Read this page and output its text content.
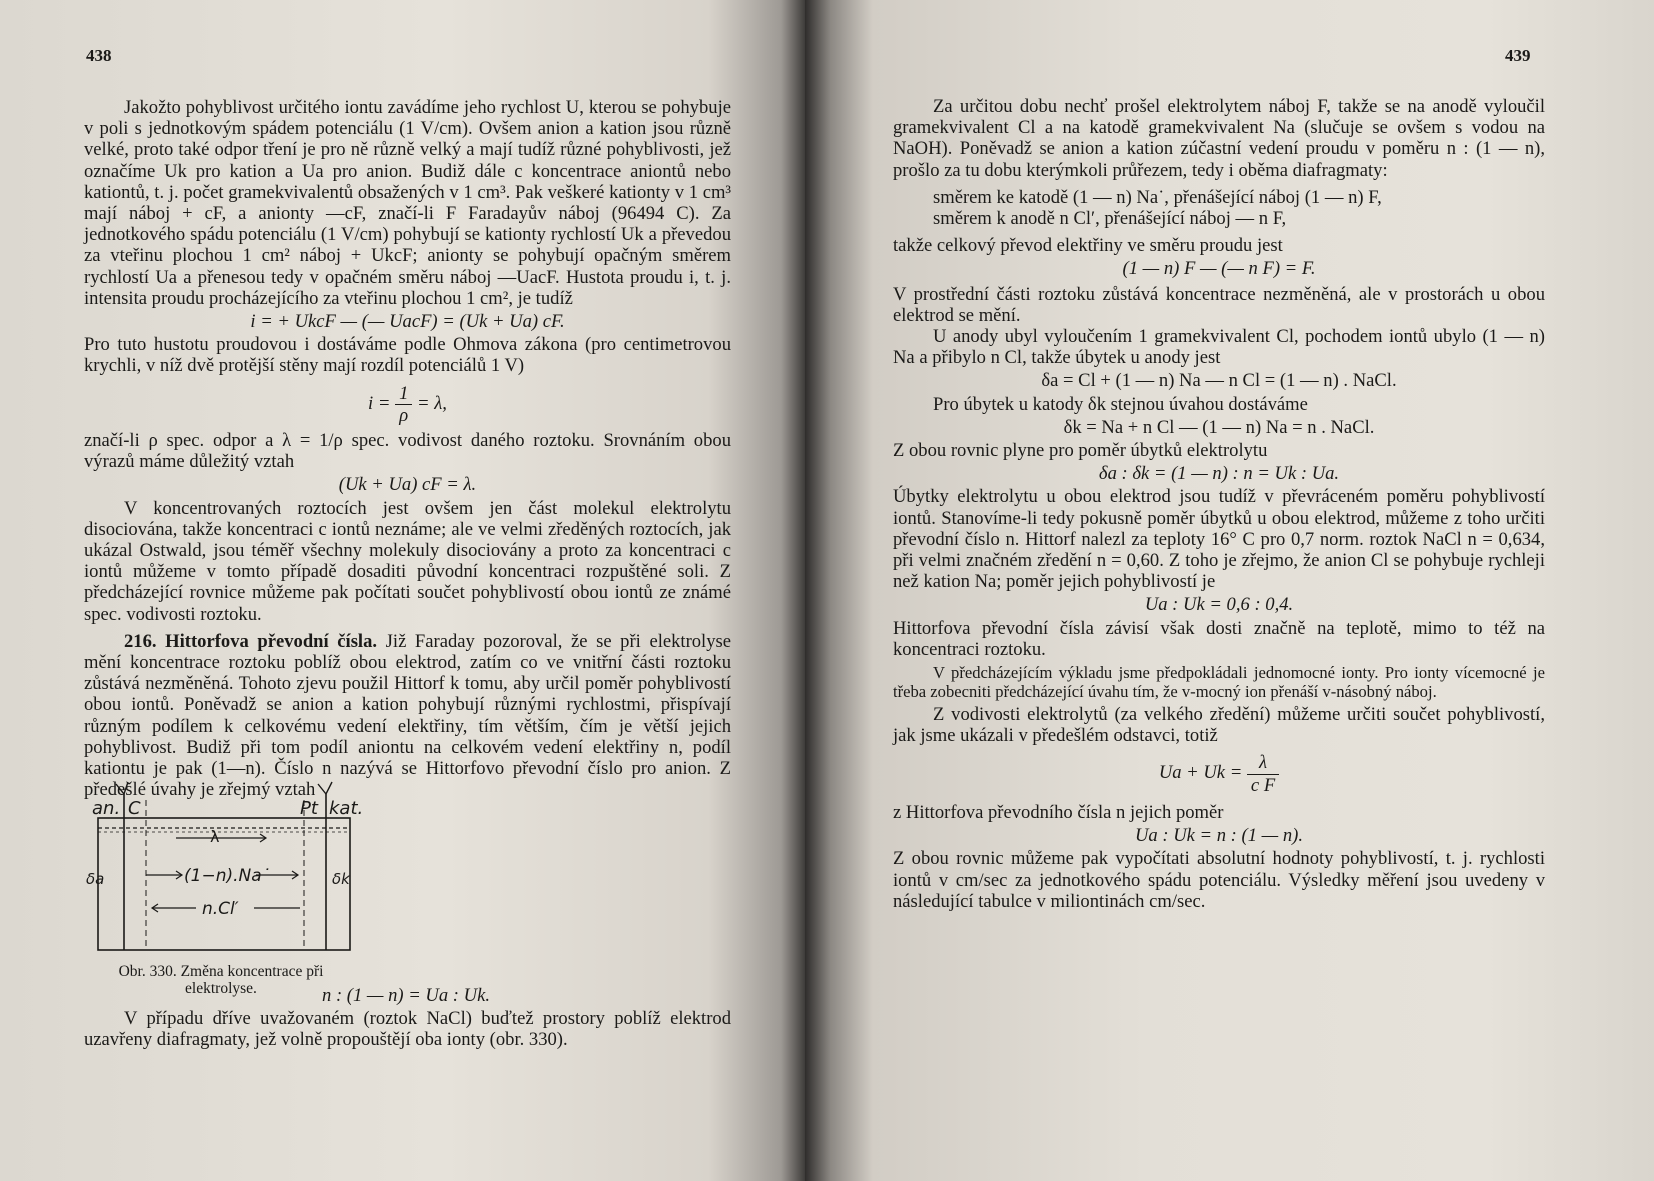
438

Jakožto pohyblivost určitého iontu zavádíme jeho rychlost U, kterou se pohybuje v poli s jednotkovým spádem potenciálu (1 V/cm). Ovšem anion a kation jsou různě velké, proto také odpor tření je pro ně různě velký a mají tudíž různé pohyblivosti, jež označíme Uk pro kation a Ua pro anion. Budiž dále c koncentrace aniontů nebo kationtů, t. j. počet gramekvivalentů obsažených v 1 cm³. Pak veškeré kationty v 1 cm³ mají náboj + cF, a anionty —cF, značí-li F Faradayův náboj (96494 C). Za jednotkového spádu potenciálu (1 V/cm) pohybují se kationty rychlostí Uk a převedou za vteřinu plochou 1 cm² náboj + UkcF; anionty se pohybují opačným směrem rychlostí Ua a přenesou tedy v opačném směru náboj —UacF. Hustota proudu i, t. j. intensita proudu procházejícího za vteřinu plochou 1 cm², je tudíž

i = + UkcF — (— UacF) = (Uk + Ua) cF.

Pro tuto hustotu proudovou i dostáváme podle Ohmova zákona (pro centimetrovou krychli, v níž dvě protější stěny mají rozdíl potenciálů 1 V)

$i = \frac{1}{\rho} = \lambda$,

značí-li ρ spec. odpor a λ = 1/ρ spec. vodivost daného roztoku. Srovnáním obou výrazů máme důležitý vztah

(Uk + Ua) cF = λ.

V koncentrovaných roztocích jest ovšem jen část molekul elektrolytu disociována, takže koncentraci c iontů neznáme; ale ve velmi zředěných roztocích, jak ukázal Ostwald, jsou téměř všechny molekuly disociovány a proto za koncentraci c iontů můžeme v tomto případě dosaditi původní koncentraci rozpuštěné soli. Z předcházející rovnice můžeme pak počítati součet pohyblivostí obou iontů ze známé spec. vodivosti roztoku.

216. Hittorfova převodní čísla. Již Faraday pozoroval, že se při elektrolyse mění koncentrace roztoku poblíž obou elektrod, zatím co ve vnitřní části roztoku zůstává nezměněná. Tohoto zjevu použil Hittorf k tomu, aby určil poměr pohyblivostí obou iontů. Poněvadž se anion a kation pohybují různými rychlostmi, přispívají různým podílem k celkovému vedení elektřiny, tím větším, čím je větší jejich pohyblivost. Budiž při tom podíl aniontu na celkovém vedení elektřiny n, podíl kationtu je pak (1—n). Číslo n nazývá se Hittorfovo převodní číslo pro anion. Z předešlé úvahy je zřejmý vztah

an. C	Pt kat.
λ
(1−n).Na˙
n.Cl′
δa	δk
Obr. 330. Změna koncentrace při elektrolyse.	n : (1 — n) = Ua : Uk.

V případu dříve uvažovaném (roztok NaCl) buďtež prostory poblíž elektrod uzavřeny diafragmaty, jež volně propouštějí oba ionty (obr. 330).

439

Za určitou dobu nechť prošel elektrolytem náboj F, takže se na anodě vyloučil gramekvivalent Cl a na katodě gramekvivalent Na (slučuje se ovšem s vodou na NaOH). Poněvadž se anion a kation zúčastní vedení proudu v poměru n : (1 — n), prošlo za tu dobu kterýmkoli průřezem, tedy i oběma diafragmaty:

směrem ke katodě (1 — n) Na˙, přenášející náboj (1 — n) F,

směrem k anodě n Cl′, přenášející náboj — n F,

takže celkový převod elektřiny ve směru proudu jest

(1 — n) F — (— n F) = F.

V prostřední části roztoku zůstává koncentrace nezměněná, ale v prostorách u obou elektrod se mění.

U anody ubyl vyloučením 1 gramekvivalent Cl, pochodem iontů ubylo (1 — n) Na a přibylo n Cl, takže úbytek u anody jest

δa = Cl + (1 — n) Na — n Cl = (1 — n) . NaCl.

Pro úbytek u katody δk stejnou úvahou dostáváme

δk = Na + n Cl — (1 — n) Na = n . NaCl.

Z obou rovnic plyne pro poměr úbytků elektrolytu

δa : δk = (1 — n) : n = Uk : Ua.

Úbytky elektrolytu u obou elektrod jsou tudíž v převráceném poměru pohyblivostí iontů. Stanovíme-li tedy pokusně poměr úbytků u obou elektrod, můžeme z toho určiti převodní číslo n. Hittorf nalezl za teploty 16° C pro 0,7 norm. roztok NaCl n = 0,634, při velmi značném zředění n = 0,60. Z toho je zřejmo, že anion Cl se pohybuje rychleji než kation Na; poměr jejich pohyblivostí je

Ua : Uk = 0,6 : 0,4.

Hittorfova převodní čísla závisí však dosti značně na teplotě, mimo to též na koncentraci roztoku.

V předcházejícím výkladu jsme předpokládali jednomocné ionty. Pro ionty vícemocné je třeba zobecniti předcházející úvahu tím, že v-mocný ion přenáší v-násobný náboj.

Z vodivosti elektrolytů (za velkého zředění) můžeme určiti součet pohyblivostí, jak jsme ukázali v předešlém odstavci, totiž

$Ua + Uk = \frac{\lambda}{\text{c F}}$

z Hittorfova převodního čísla n jejich poměr

Ua : Uk = n : (1 — n).

Z obou rovnic můžeme pak vypočítati absolutní hodnoty pohyblivostí, t. j. rychlosti iontů v cm/sec za jednotkového spádu potenciálu. Výsledky měření jsou uvedeny v následující tabulce v miliontinách cm/sec.
